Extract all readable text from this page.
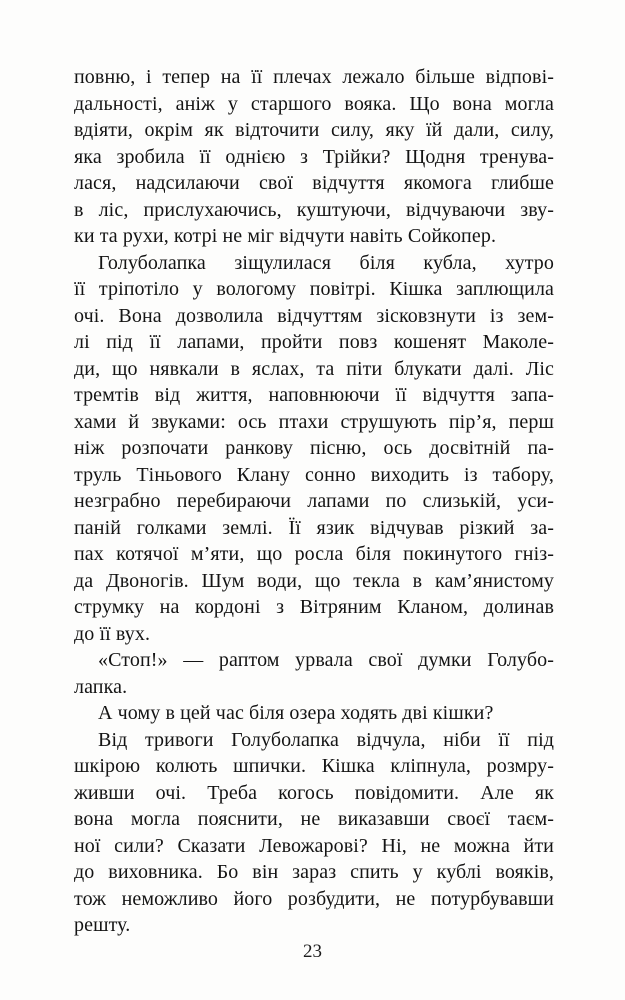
повню, і тепер на її плечах лежало більше відпові-
дальності, аніж у старшого вояка. Що вона могла
вдіяти, окрім як відточити силу, яку їй дали, силу,
яка зробила її однією з Трійки? Щодня тренува-
лася, надсилаючи свої відчуття якомога глибше
в ліс, прислухаючись, куштуючи, відчуваючи зву-
ки та рухи, котрі не міг відчути навіть Сойкопер.
Голуболапка зіщулилася біля кубла, хутро
її тріпотіло у вологому повітрі. Кішка заплющила
очі. Вона дозволила відчуттям зісковзнути із зем-
лі під її лапами, пройти повз кошенят Маколе-
ди, що нявкали в яслах, та піти блукати далі. Ліс
тремтів від життя, наповнюючи її відчуття запа-
хами й звуками: ось птахи струшують пір’я, перш
ніж розпочати ранкову пісню, ось досвітній па-
труль Тіньового Клану сонно виходить із табору,
незграбно перебираючи лапами по слизькій, уси-
паній голками землі. Її язик відчував різкий за-
пах котячої м’яти, що росла біля покинутого гніз-
да Двоногів. Шум води, що текла в кам’янистому
струмку на кордоні з Вітряним Кланом, долинав
до її вух.
«Стоп!» — раптом урвала свої думки Голубо-
лапка.
А чому в цей час біля озера ходять дві кішки?
Від тривоги Голуболапка відчула, ніби її під
шкірою колють шпички. Кішка кліпнула, розмру-
живши очі. Треба когось повідомити. Але як
вона могла пояснити, не виказавши своєї таєм-
ної сили? Сказати Левожарові? Ні, не можна йти
до виховника. Бо він зараз спить у кублі вояків,
тож неможливо його розбудити, не потурбувавши
решту.
23
